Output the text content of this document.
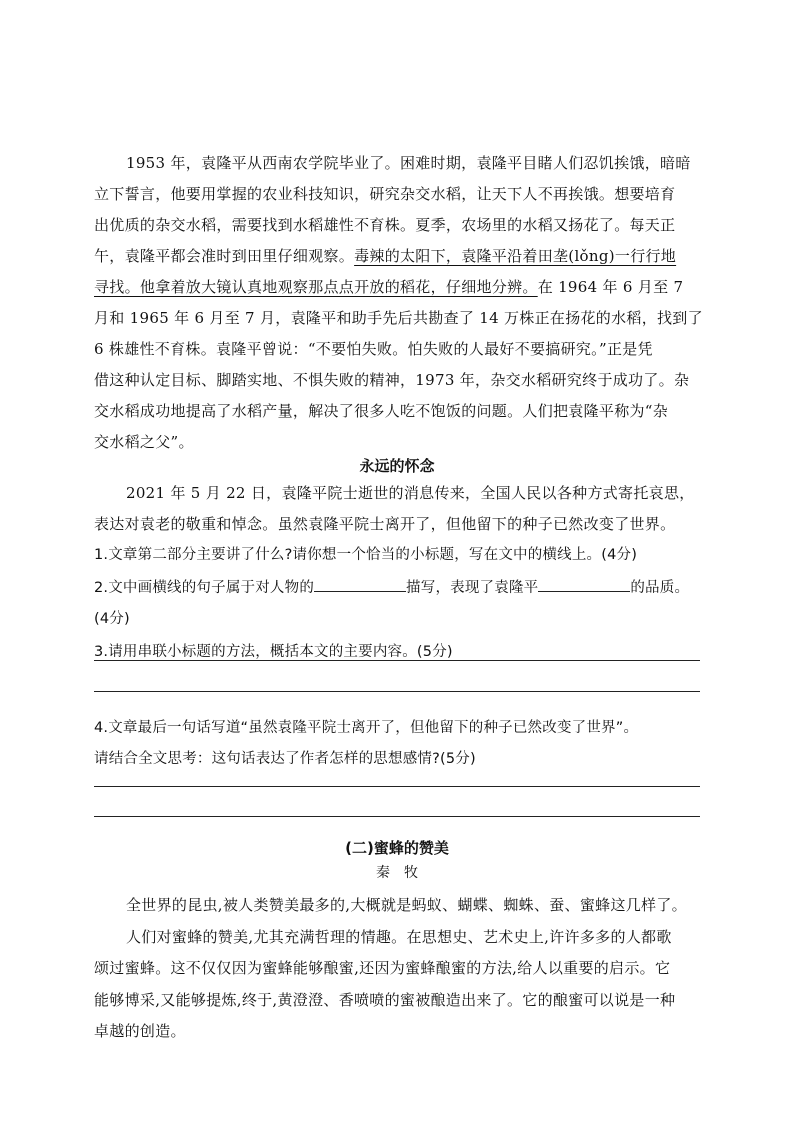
1953 年，袁隆平从西南农学院毕业了。困难时期，袁隆平目睹人们忍饥挨饿，暗暗
立下誓言，他要用掌握的农业科技知识，研究杂交水稻，让天下人不再挨饿。想要培育
出优质的杂交水稻，需要找到水稻雄性不育株。夏季，农场里的水稻又扬花了。每天正
午，袁隆平都会准时到田里仔细观察。毒辣的太阳下，袁隆平沿着田垄(lǒng)一行行地
寻找。他拿着放大镜认真地观察那点点开放的稻花，仔细地分辨。在 1964 年 6 月至 7
月和 1965 年 6 月至 7 月，袁隆平和助手先后共勘查了 14 万株正在扬花的水稻，找到了
6 株雄性不育株。袁隆平曾说：“不要怕失败。怕失败的人最好不要搞研究。”正是凭
借这种认定目标、脚踏实地、不惧失败的精神，1973 年，杂交水稻研究终于成功了。杂
交水稻成功地提高了水稻产量，解决了很多人吃不饱饭的问题。人们把袁隆平称为“杂
交水稻之父”。
永远的怀念
2021 年 5 月 22 日，袁隆平院士逝世的消息传来，全国人民以各种方式寄托哀思，
表达对袁老的敬重和悼念。虽然袁隆平院士离开了，但他留下的种子已然改变了世界。
1.文章第二部分主要讲了什么?请你想一个恰当的小标题，写在文中的横线上。(4分)
2.文中画横线的句子属于对人物的	描写，表现了袁隆平	的品质。
(4分)
3.请用串联小标题的方法，概括本文的主要内容。(5分)
4.文章最后一句话写道“虽然袁隆平院士离开了，但他留下的种子已然改变了世界”。
请结合全文思考：这句话表达了作者怎样的思想感情?(5分)
(二)蜜蜂的赞美
秦　牧
全世界的昆虫,被人类赞美最多的,大概就是蚂蚁、蝴蝶、蜘蛛、蚕、蜜蜂这几样了。
人们对蜜蜂的赞美,尤其充满哲理的情趣。在思想史、艺术史上,许许多多的人都歌
颂过蜜蜂。这不仅仅因为蜜蜂能够酿蜜,还因为蜜蜂酿蜜的方法,给人以重要的启示。它
能够博采,又能够提炼,终于,黄澄澄、香喷喷的蜜被酿造出来了。它的酿蜜可以说是一种
卓越的创造。
